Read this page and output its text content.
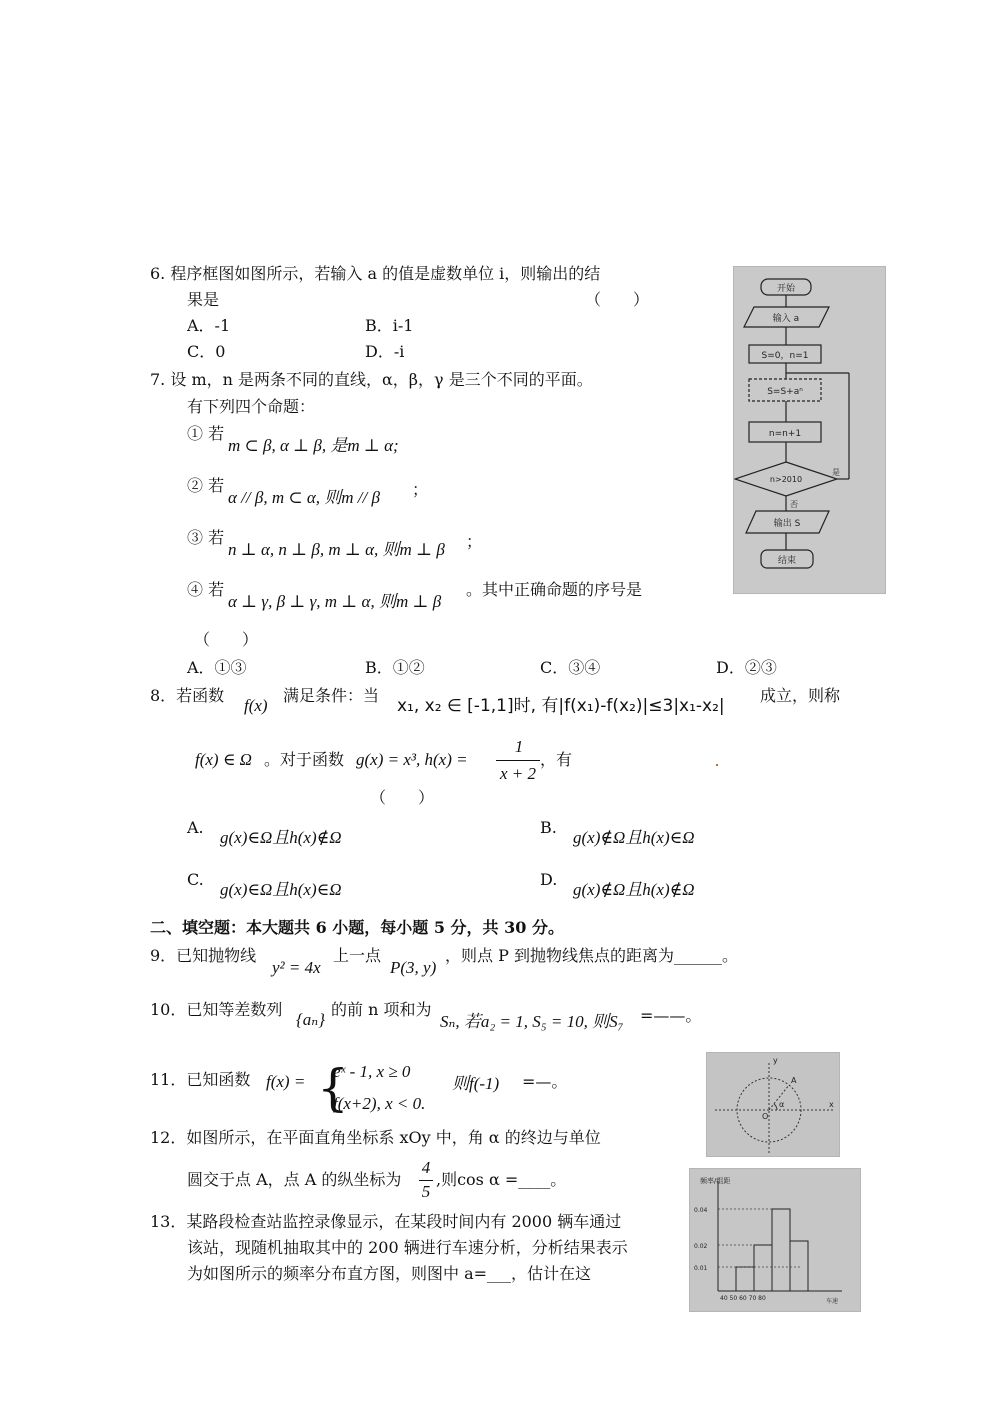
6. 程序框图如图所示，若输入 a 的值是虚数单位 i，则输出的结
果是	（　　）
A．-1	B．i-1
C．0	D．-i
开始
输入 a
S=0，n=1
S=S+aⁿ
n=n+1
n>2010
是
否
输出 S
结束
7. 设 m，n 是两条不同的直线，α，β，γ 是三个不同的平面。
有下列四个命题：
① 若
m ⊂ β, α ⊥ β, 是m ⊥ α;
② 若
α // β, m ⊂ α, 则m // β ；
③ 若
n ⊥ α, n ⊥ β, m ⊥ α, 则m ⊥ β ；
④ 若
α ⊥ γ, β ⊥ γ, m ⊥ α, 则m ⊥ β
。其中正确命题的序号是
（　　）
A．①③	B．①②	C．③④	D．②③
8．若函数
f(x)
满足条件：当
x₁, x₂ ∈ [-1,1]时, 有|f(x₁)-f(x₂)|≤3|x₁-x₂|
成立，则称
f(x) ∈ Ω 。对于函数 g(x) = x³, h(x) =
1
x + 2
，有
（　　）
A.
g(x)∈Ω且h(x)∉Ω
B.
g(x)∉Ω且h(x)∈Ω
C.
g(x)∈Ω且h(x)∈Ω
D.
g(x)∉Ω且h(x)∉Ω
二、填空题：本大题共 6 小题，每小题 5 分，共 30 分。
9．已知抛物线
y² = 4x
上一点
P(3, y)
，则点 P 到抛物线焦点的距离为______。
10．已知等差数列
{aₙ}
的前 n 项和为
Sₙ, 若a₂ = 1, S₅ = 10, 则S₇ =——。
11．已知函数 f(x) = {
eˣ - 1, x ≥ 0
f(x+2), x < 0.
则f(-1) =—。
y
x
O
A
α
12．如图所示，在平面直角坐标系 xOy 中，角 α 的终边与单位
圆交于点 A，点 A 的纵坐标为
4
5
,则cos α =____。	频率/组距
0.04
0.02
0.01
40 50 60 70 80	车速
13．某路段检查站监控录像显示，在某段时间内有 2000 辆车通过
该站，现随机抽取其中的 200 辆进行车速分析，分析结果表示
为如图所示的频率分布直方图，则图中 a=___，估计在这
